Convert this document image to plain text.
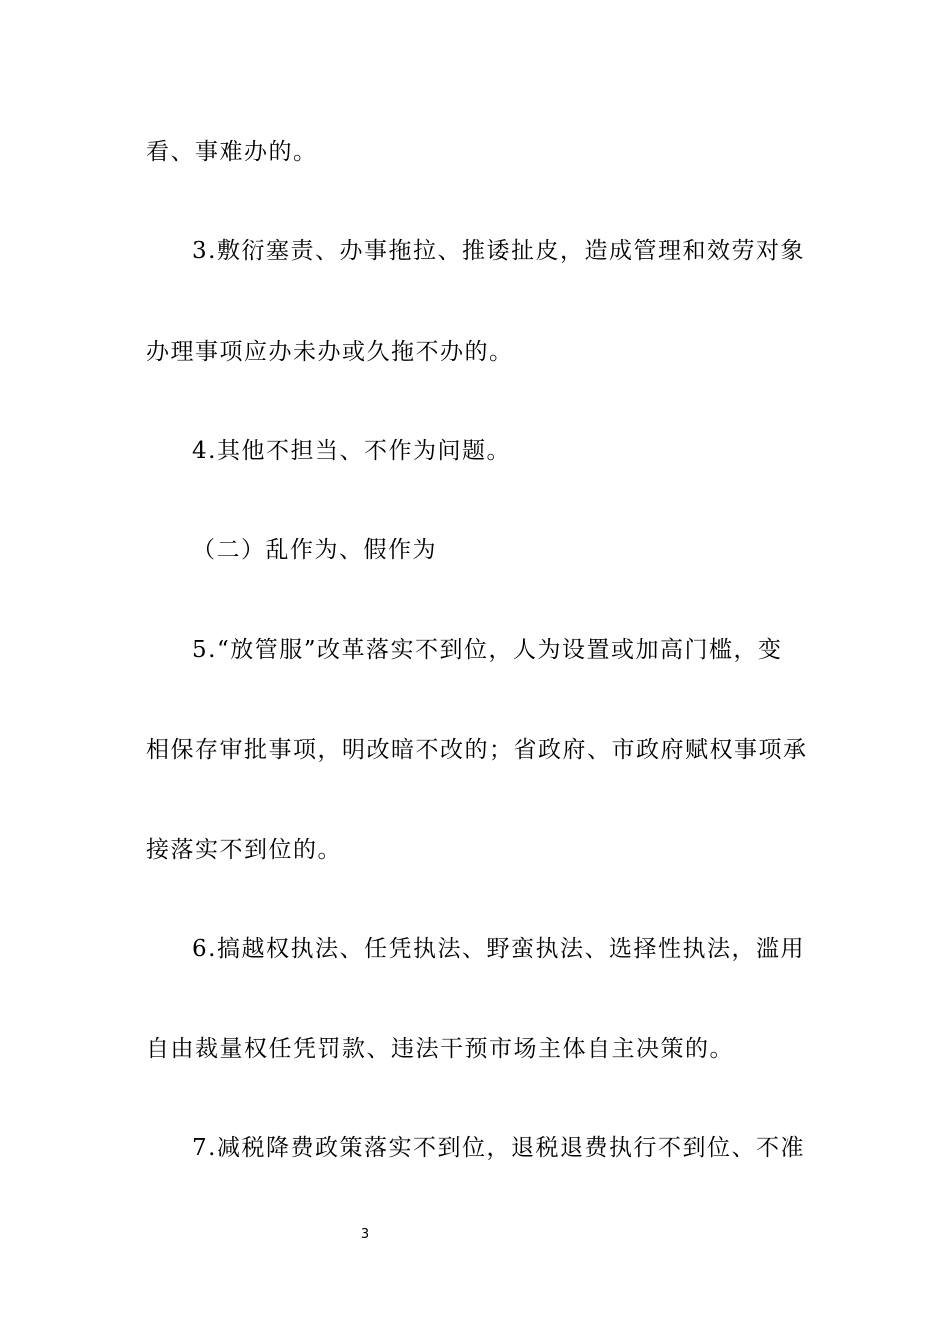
看、事难办的。
3.敷衍塞责、办事拖拉、推诿扯皮，造成管理和效劳对象
办理事项应办未办或久拖不办的。
4.其他不担当、不作为问题。
（二）乱作为、假作为
5.“放管服”改革落实不到位，人为设置或加高门槛，变
相保存审批事项，明改暗不改的；省政府、市政府赋权事项承
接落实不到位的。
6.搞越权执法、任凭执法、野蛮执法、选择性执法，滥用
自由裁量权任凭罚款、违法干预市场主体自主决策的。
7.减税降费政策落实不到位，退税退费执行不到位、不准
3
